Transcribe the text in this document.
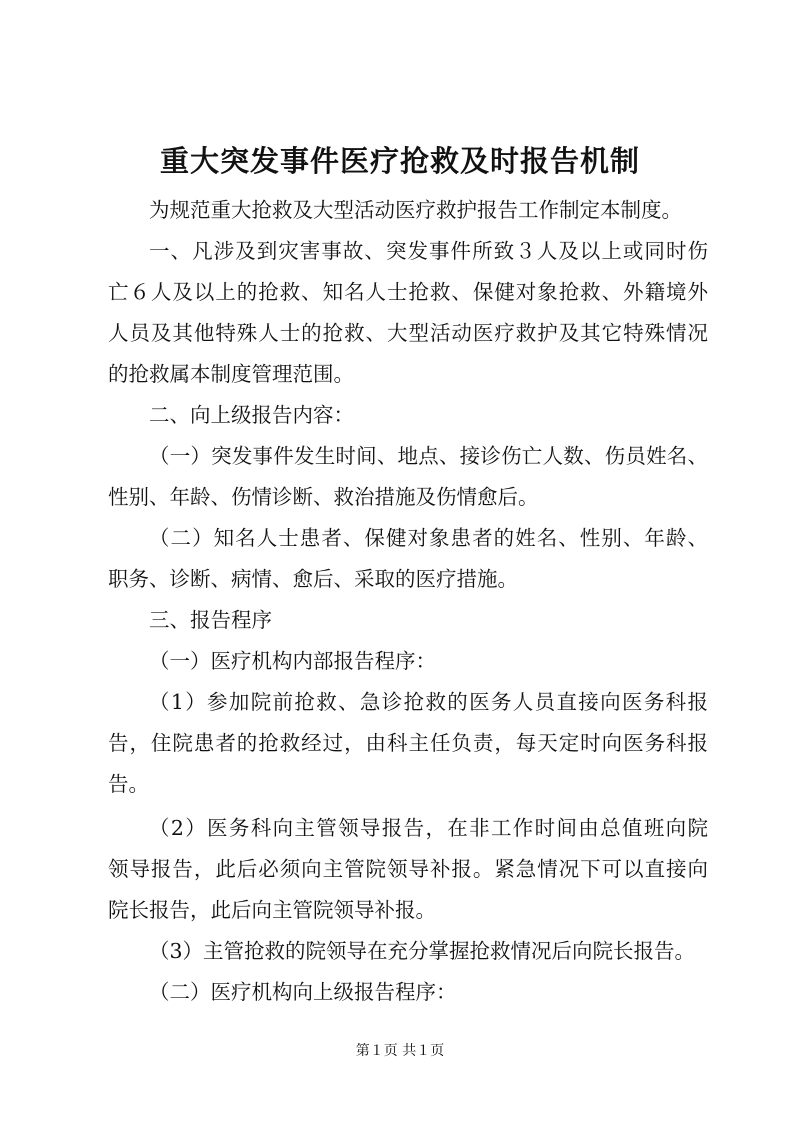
重大突发事件医疗抢救及时报告机制
为规范重大抢救及大型活动医疗救护报告工作制定本制度。
一、凡涉及到灾害事故、突发事件所致３人及以上或同时伤
亡６人及以上的抢救、知名人士抢救、保健对象抢救、外籍境外
人员及其他特殊人士的抢救、大型活动医疗救护及其它特殊情况
的抢救属本制度管理范围。
二、向上级报告内容：
（一）突发事件发生时间、地点、接诊伤亡人数、伤员姓名、
性别、年龄、伤情诊断、救治措施及伤情愈后。
（二）知名人士患者、保健对象患者的姓名、性别、年龄、
职务、诊断、病情、愈后、采取的医疗措施。
三、报告程序
（一）医疗机构内部报告程序：
（1）参加院前抢救、急诊抢救的医务人员直接向医务科报
告，住院患者的抢救经过，由科主任负责，每天定时向医务科报
告。
（2）医务科向主管领导报告，在非工作时间由总值班向院
领导报告，此后必须向主管院领导补报。紧急情况下可以直接向
院长报告，此后向主管院领导补报。
（3）主管抢救的院领导在充分掌握抢救情况后向院长报告。
（二）医疗机构向上级报告程序：
第１页 共１页
